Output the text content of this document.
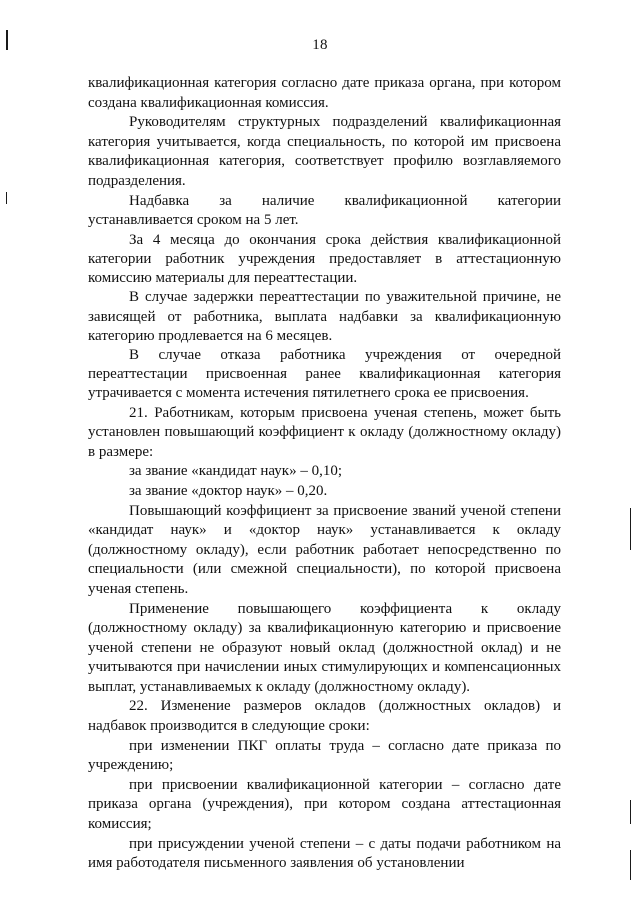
18

квалификационная категория согласно дате приказа органа, при котором создана квалификационная комиссия.

Руководителям структурных подразделений квалификационная категория учитывается, когда специальность, по которой им присвоена квалификационная категория, соответствует профилю возглавляемого подразделения.

Надбавка за наличие квалификационной категории устанавливается сроком на 5 лет.

За 4 месяца до окончания срока действия квалификационной категории работник учреждения предоставляет в аттестационную комиссию материалы для переаттестации.

В случае задержки переаттестации по уважительной причине, не зависящей от работника, выплата надбавки за квалификационную категорию продлевается на 6 месяцев.

В случае отказа работника учреждения от очередной переаттестации присвоенная ранее квалификационная категория утрачивается с момента истечения пятилетнего срока ее присвоения.

21. Работникам, которым присвоена ученая степень, может быть установлен повышающий коэффициент к окладу (должностному окладу) в размере:

за звание «кандидат наук» – 0,10;

за звание «доктор наук» – 0,20.

Повышающий коэффициент за присвоение званий ученой степени «кандидат наук» и «доктор наук» устанавливается к окладу (должностному окладу), если работник работает непосредственно по специальности (или смежной специальности), по которой присвоена ученая степень.

Применение повышающего коэффициента к окладу (должностному окладу) за квалификационную категорию и присвоение ученой степени не образуют новый оклад (должностной оклад) и не учитываются при начислении иных стимулирующих и компенсационных выплат, устанавливаемых к окладу (должностному окладу).

22. Изменение размеров окладов (должностных окладов) и надбавок производится в следующие сроки:

при изменении ПКГ оплаты труда – согласно дате приказа по учреждению;

при присвоении квалификационной категории – согласно дате приказа органа (учреждения), при котором создана аттестационная комиссия;

при присуждении ученой степени – с даты подачи работником на имя работодателя письменного заявления об установлении
